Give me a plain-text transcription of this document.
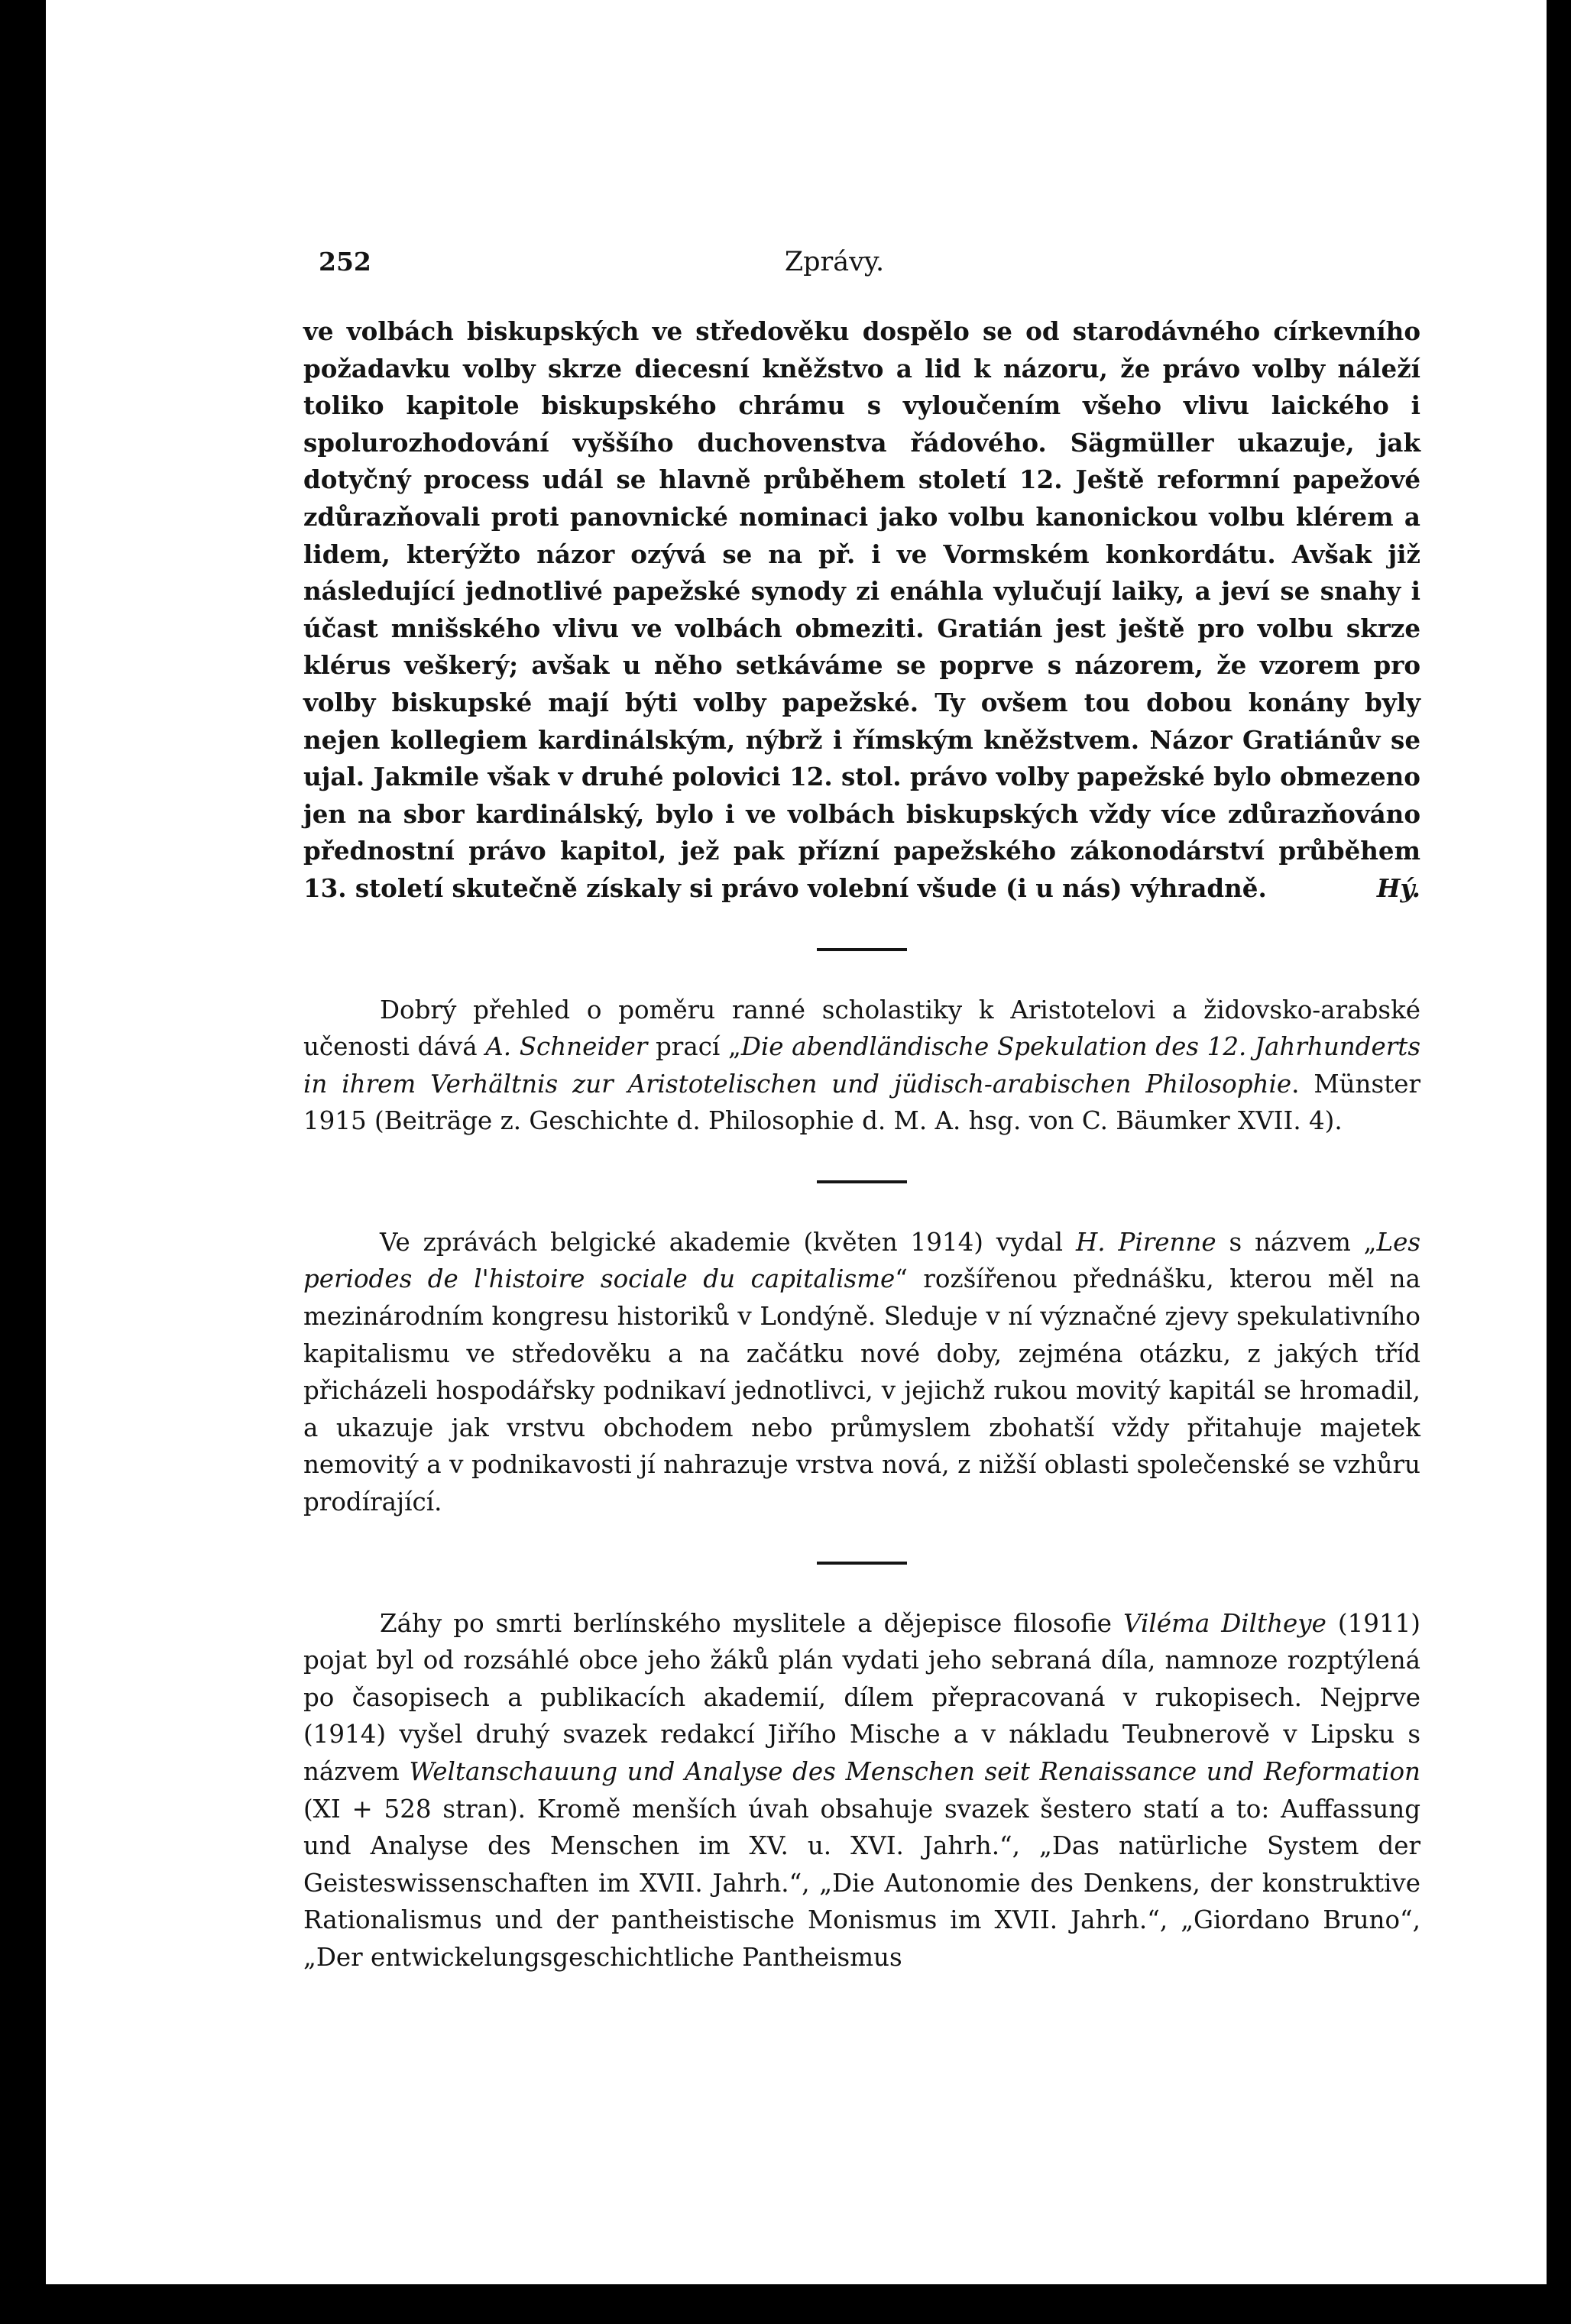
252	Zprávy.

ve volbách biskupských ve středověku dospělo se od starodávného církevního požadavku volby skrze diecesní kněžstvo a lid k názoru, že právo volby náleží toliko kapitole biskupského chrámu s vyloučením všeho vlivu laického i spolurozhodování vyššího duchovenstva řádového. Sägmüller ukazuje, jak dotyčný process udál se hlavně průběhem století 12. Ještě reformní papežové zdůrazňovali proti panovnické nominaci jako volbu kanonickou volbu klérem a lidem, kterýžto názor ozývá se na př. i ve Vormském konkordátu. Avšak již následující jednotlivé papežské synody zi enáhla vylučují laiky, a jeví se snahy i účast mnišského vlivu ve volbách obmeziti. Gratián jest ještě pro volbu skrze klérus veškerý; avšak u něho setkáváme se poprve s názorem, že vzorem pro volby biskupské mají býti volby papežské. Ty ovšem tou dobou konány byly nejen kollegiem kardinálským, nýbrž i římským kněžstvem. Názor Gratiánův se ujal. Jakmile však v druhé polovici 12. stol. právo volby papežské bylo obmezeno jen na sbor kardinálský, bylo i ve volbách biskupských vždy více zdůrazňováno přednostní právo kapitol, jež pak přízní papežského zákonodárství průběhem 13. století skutečně získaly si právo volební všude (i u nás) výhradně.	Hý.

Dobrý přehled o poměru ranné scholastiky k Aristotelovi a židovsko-arabské učenosti dává A. Schneider prací „Die abendländische Spekulation des 12. Jahrhunderts in ihrem Verhältnis zur Aristotelischen und jüdisch-arabischen Philosophie. Münster 1915 (Beiträge z. Geschichte d. Philosophie d. M. A. hsg. von C. Bäumker XVII. 4).

Ve zprávách belgické akademie (květen 1914) vydal H. Pirenne s názvem „Les periodes de l'histoire sociale du capitalisme“ rozšířenou přednášku, kterou měl na mezinárodním kongresu historiků v Londýně. Sleduje v ní význačné zjevy spekulativního kapitalismu ve středověku a na začátku nové doby, zejména otázku, z jakých tříd přicházeli hospodářsky podnikaví jednotlivci, v jejichž rukou movitý kapitál se hromadil, a ukazuje jak vrstvu obchodem nebo průmyslem zbohatší vždy přitahuje majetek nemovitý a v podnikavosti jí nahrazuje vrstva nová, z nižší oblasti společenské se vzhůru prodírající.

Záhy po smrti berlínského myslitele a dějepisce filosofie Viléma Diltheye (1911) pojat byl od rozsáhlé obce jeho žáků plán vydati jeho sebraná díla, namnoze rozptýlená po časopisech a publikacích akademií, dílem přepracovaná v rukopisech. Nejprve (1914) vyšel druhý svazek redakcí Jiřího Mische a v nákladu Teubnerově v Lipsku s názvem Weltanschauung und Analyse des Menschen seit Renaissance und Reformation (XI + 528 stran). Kromě menších úvah obsahuje svazek šestero statí a to: Auffassung und Analyse des Menschen im XV. u. XVI. Jahrh.“, „Das natürliche System der Geisteswissenschaften im XVII. Jahrh.“, „Die Autonomie des Denkens, der konstruktive Rationalismus und der pantheistische Monismus im XVII. Jahrh.“, „Giordano Bruno“, „Der entwickelungsgeschichtliche Pantheismus
